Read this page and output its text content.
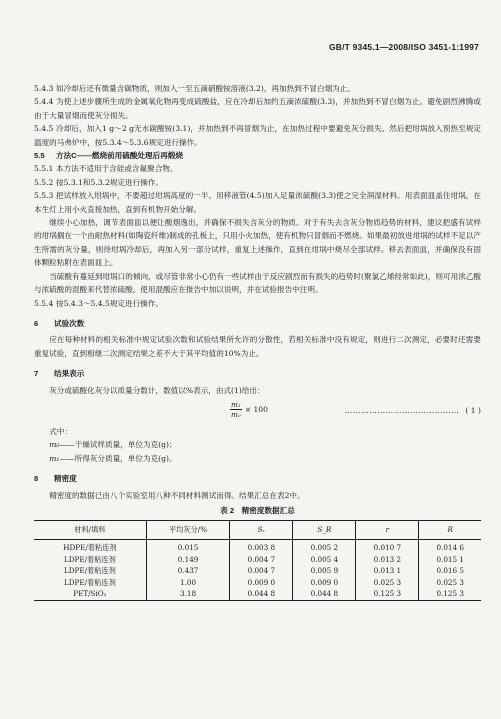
GB/T 9345.1—2008/ISO 3451-1:1997

5.4.3 如冷却后还有微量含碳物质，则加入一至五滴硝酸铵溶液(3.2)，再加热到不冒白烟为止。

5.4.4 为使上述步骤所生成的金属氧化物再变成硫酸盐，应在冷却后加约五滴浓硫酸(3.3)，并加热到不冒白烟为止。避免剧烈沸腾或由于大量冒烟而使灰分损失。

5.4.5 冷却后，加入1 g～2 g无水碳酸铵(3.1)，并加热到不再冒烟为止，在加热过程中要避免灰分损失。然后把坩埚放入预热至规定温度的马弗炉中，按5.3.4～5.3.6规定进行操作。

5.5 方法C——燃烧前用硫酸处理后再煅烧

5.5.1 本方法不适用于含硅或含氟聚合物。

5.5.2 按5.3.1和5.3.2规定进行操作。

5.5.3 把试样放入坩埚中，不要超过坩埚高度的一半。用移液管(4.5)加入足量浓硫酸(3.3)使之完全润湿材料。用表面皿盖住坩埚，在本生灯上用小火直接加热，直到有机物开始分解。

继续小心加热，调节表面皿以便让酸烟逸出，并确保不损失含灰分的物质。对于有失去含灰分物质趋势的材料，建议把盛有试样的坩埚搁在一个由耐热材料(如陶瓷纤维)制成的孔板上，只用小火加热，使有机物只冒烟而不燃烧。如果最初放进坩埚的试样不足以产生所需的灰分量，则待坩埚冷却后，再加入另一部分试样，重复上述操作，直到在坩埚中烧尽全部试样。移去表面皿，并确保没有固体颗粒粘附在表面皿上。

当硫酸有蔓延到坩埚口的倾向，或尽管非常小心仍有一些试样由于反应剧烈而有损失的趋势时(聚氯乙烯经常如此)，则可用浓乙酸与浓硫酸的混酸来代替浓硫酸。使用混酸应在报告中加以说明，并在试验报告中注明。

5.5.4 按5.4.3～5.4.5规定进行操作。

6 试验次数

应在每种材料的相关标准中规定试验次数和试验结果所允许的分散性，若相关标准中没有规定，则进行二次测定，必要时还需要重复试验，直到相继二次测定结果之差不大于其平均值的10%为止。

7 结果表示

灰分或硫酸化灰分以质量分数计，数值以%表示，由式(1)给出：

$\frac{\text{m₁}}{\text{m₀}} \times 100$	…………………………………… ( 1 )

式中：

m₀——干燥试样质量，单位为克(g)；

m₁——所得灰分质量，单位为克(g)。

8 精密度

精密度的数据已由八个实验室用八种不同材料测试而得。结果汇总在表2中。

表 2　精密度数据汇总
材料/填料	平均灰分/%	Sᵣ	S_R	r	R
HDPE/着粘连剂	0.015	0.003 8	0.005 2	0.010 7	0.014 6
LDPE/着粘连剂	0.149	0.004 7	0.005 4	0.013 2	0.015 1
LDPE/着粘连剂	0.437	0.004 7	0.005 9	0.013 1	0.016 5
LDPE/着粘连剂	1.00	0.009 0	0.009 0	0.025 3	0.025 3
PET/SiO₂	3.18	0.044 8	0.044 8	0.125 3	0.125 3
